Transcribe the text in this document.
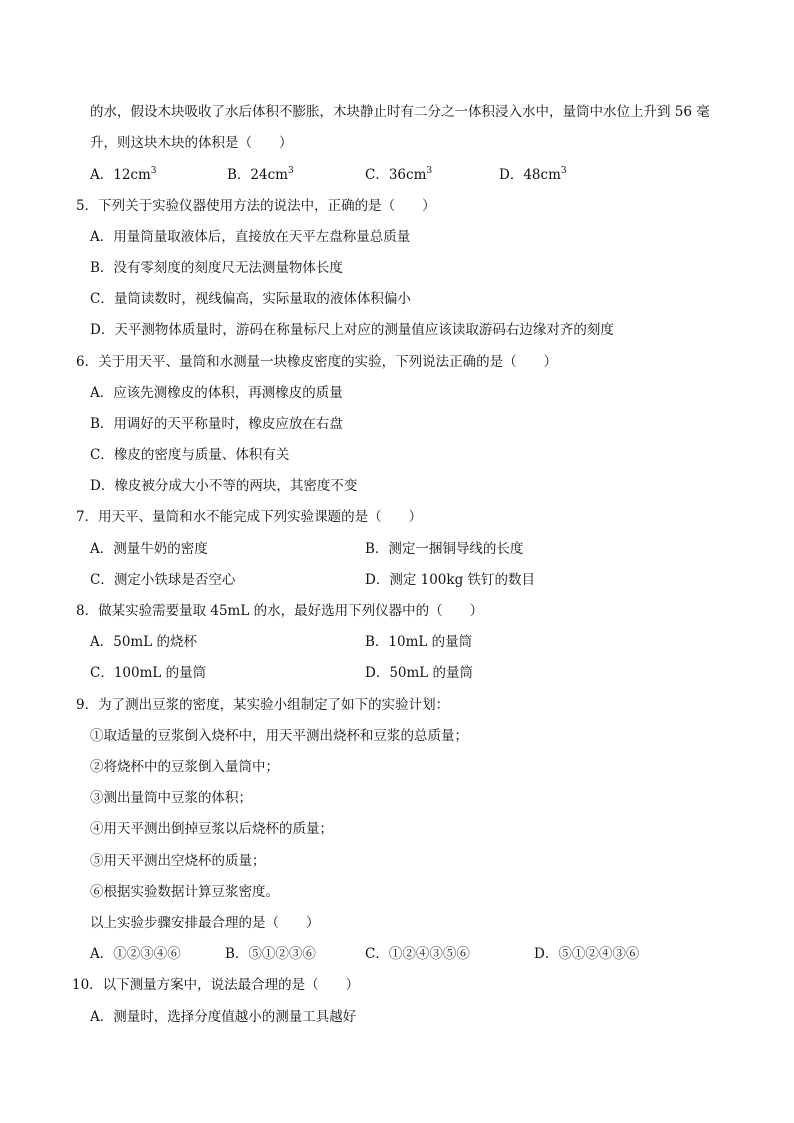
的水，假设木块吸收了水后体积不膨胀，木块静止时有二分之一体积浸入水中，量筒中水位上升到 56 毫
升，则这块木块的体积是（　　）
A．$12cm^3$	B．$24cm^3$	C．$36cm^3$	D．$48cm^3$
5．下列关于实验仪器使用方法的说法中，正确的是（　　）
A．用量筒量取液体后，直接放在天平左盘称量总质量
B．没有零刻度的刻度尺无法测量物体长度
C．量筒读数时，视线偏高，实际量取的液体体积偏小
D．天平测物体质量时，游码在称量标尺上对应的测量值应该读取游码右边缘对齐的刻度
6．关于用天平、量筒和水测量一块橡皮密度的实验，下列说法正确的是（　　）
A．应该先测橡皮的体积，再测橡皮的质量
B．用调好的天平称量时，橡皮应放在右盘
C．橡皮的密度与质量、体积有关
D．橡皮被分成大小不等的两块，其密度不变
7．用天平、量筒和水不能完成下列实验课题的是（　　）
A．测量牛奶的密度	B．测定一捆铜导线的长度
C．测定小铁球是否空心	D．测定 100kg 铁钉的数目
8．做某实验需要量取 45mL 的水，最好选用下列仪器中的（　　）
A．50mL 的烧杯	B．10mL 的量筒
C．100mL 的量筒	D．50mL 的量筒
9．为了测出豆浆的密度，某实验小组制定了如下的实验计划：
①取适量的豆浆倒入烧杯中，用天平测出烧杯和豆浆的总质量；
②将烧杯中的豆浆倒入量筒中；
③测出量筒中豆浆的体积；
④用天平测出倒掉豆浆以后烧杯的质量；
⑤用天平测出空烧杯的质量；
⑥根据实验数据计算豆浆密度。
以上实验步骤安排最合理的是（　　）
A．①②③④⑥	B．⑤①②③⑥	C．①②④③⑤⑥	D．⑤①②④③⑥
10．以下测量方案中，说法最合理的是（　　）
A．测量时，选择分度值越小的测量工具越好
